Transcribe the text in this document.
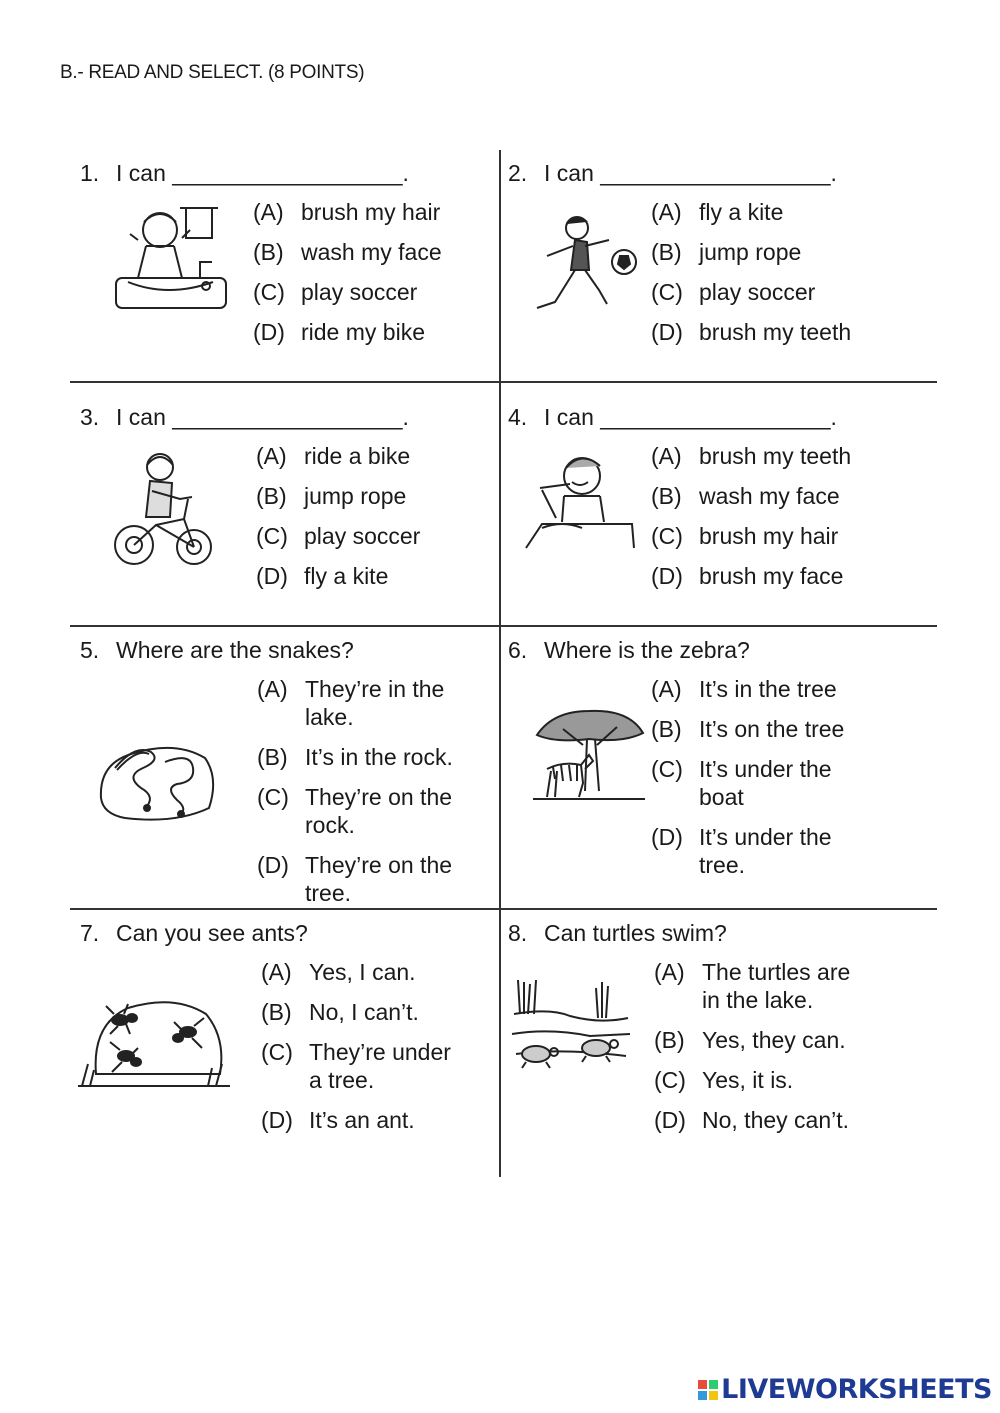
B.- READ AND SELECT. (8 POINTS)
1. I can __________________.
(A) brush my hair
(B) wash my face
(C) play soccer
(D) ride my bike
2. I can __________________.
(A) fly a kite
(B) jump rope
(C) play soccer
(D) brush my teeth
3. I can __________________.
(A) ride a bike
(B) jump rope
(C) play soccer
(D) fly a kite
4. I can __________________.
(A) brush my teeth
(B) wash my face
(C) brush my hair
(D) brush my face
5. Where are the snakes?
(A) They’re in the
lake.
(B) It’s in the rock.
(C) They’re on the
rock.
(D) They’re on the
tree.
6. Where is the zebra?
(A) It’s in the tree
(B) It’s on the tree
(C) It’s under the
boat
(D) It’s under the
tree.
7. Can you see ants?
(A) Yes, I can.
(B) No, I can’t.
(C) They’re under
a tree.
(D) It’s an ant.
8. Can turtles swim?
(A) The turtles are
in the lake.
(B) Yes, they can.
(C) Yes, it is.
(D) No, they can’t.
LIVEWORKSHEETS
